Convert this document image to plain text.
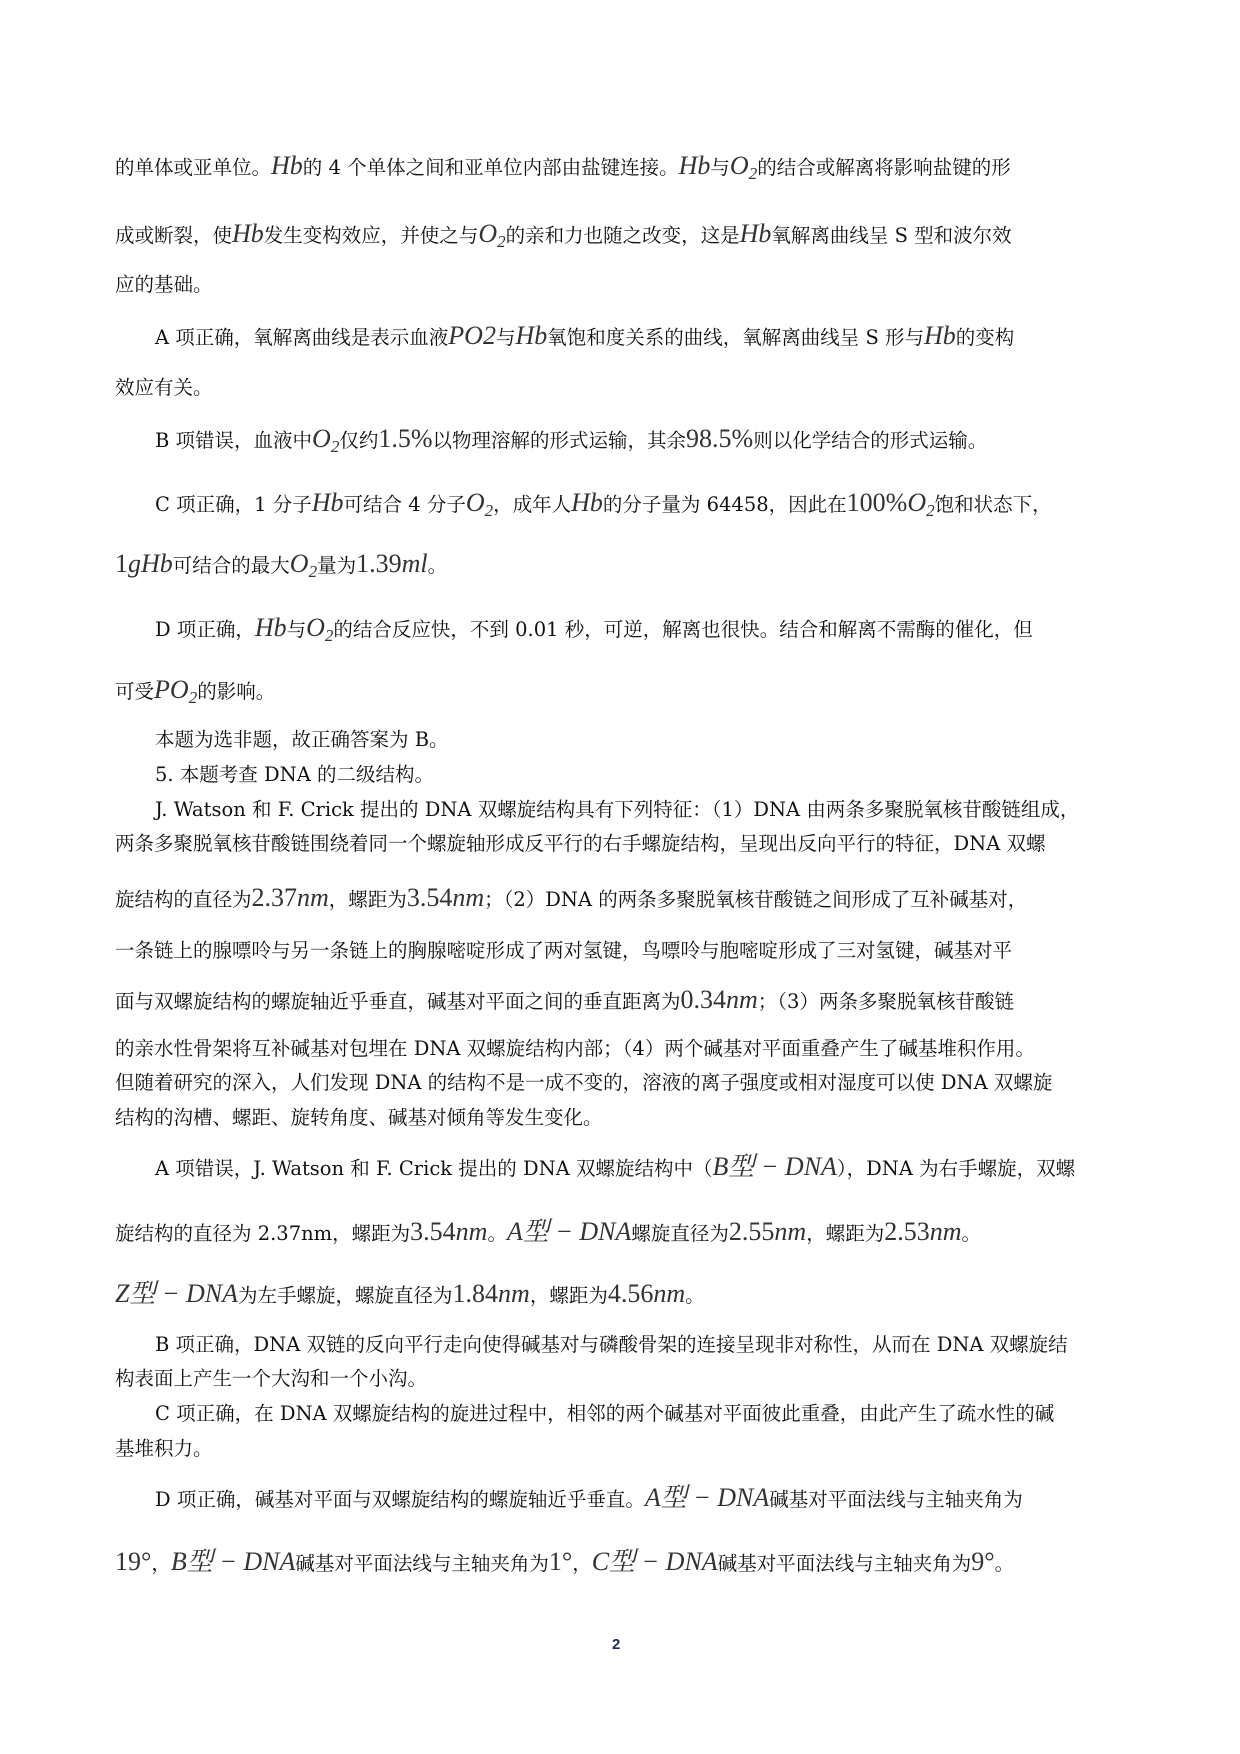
的单体或亚单位。Hb的 4 个单体之间和亚单位内部由盐键连接。Hb与$O_2$的结合或解离将影响盐键的形
成或断裂，使Hb发生变构效应，并使之与$O_2$的亲和力也随之改变，这是Hb氧解离曲线呈 S 型和波尔效
应的基础。
A 项正确，氧解离曲线是表示血液PO2与Hb氧饱和度关系的曲线，氧解离曲线呈 S 形与Hb的变构
效应有关。
B 项错误，血液中$O_2$仅约1.5%以物理溶解的形式运输，其余98.5%则以化学结合的形式运输。
C 项正确，1 分子Hb可结合 4 分子$O_2$，成年人Hb的分子量为 64458，因此在$100\%O_2$饱和状态下，
1gHb可结合的最大$O_2$量为1.39ml。
D 项正确，Hb与$O_2$的结合反应快，不到 0.01 秒，可逆，解离也很快。结合和解离不需酶的催化，但
可受$PO_2$的影响。
本题为选非题，故正确答案为 B。
5. 本题考查 DNA 的二级结构。
J. Watson 和 F. Crick 提出的 DNA 双螺旋结构具有下列特征：（1）DNA 由两条多聚脱氧核苷酸链组成，
两条多聚脱氧核苷酸链围绕着同一个螺旋轴形成反平行的右手螺旋结构，呈现出反向平行的特征，DNA 双螺
旋结构的直径为2.37nm，螺距为3.54nm；（2）DNA 的两条多聚脱氧核苷酸链之间形成了互补碱基对，
一条链上的腺嘌呤与另一条链上的胸腺嘧啶形成了两对氢键，鸟嘌呤与胞嘧啶形成了三对氢键，碱基对平
面与双螺旋结构的螺旋轴近乎垂直，碱基对平面之间的垂直距离为0.34nm；（3）两条多聚脱氧核苷酸链
的亲水性骨架将互补碱基对包埋在 DNA 双螺旋结构内部；（4）两个碱基对平面重叠产生了碱基堆积作用。
但随着研究的深入，人们发现 DNA 的结构不是一成不变的，溶液的离子强度或相对湿度可以使 DNA 双螺旋
结构的沟槽、螺距、旋转角度、碱基对倾角等发生变化。
A 项错误，J. Watson 和 F. Crick 提出的 DNA 双螺旋结构中（B型 − DNA），DNA 为右手螺旋，双螺
旋结构的直径为 2.37nm，螺距为3.54nm。A型 − DNA螺旋直径为2.55nm，螺距为2.53nm。
Z型 − DNA为左手螺旋，螺旋直径为1.84nm，螺距为4.56nm。
B 项正确，DNA 双链的反向平行走向使得碱基对与磷酸骨架的连接呈现非对称性，从而在 DNA 双螺旋结
构表面上产生一个大沟和一个小沟。
C 项正确，在 DNA 双螺旋结构的旋进过程中，相邻的两个碱基对平面彼此重叠，由此产生了疏水性的碱
基堆积力。
D 项正确，碱基对平面与双螺旋结构的螺旋轴近乎垂直。A型 − DNA碱基对平面法线与主轴夹角为
19°，B型 − DNA碱基对平面法线与主轴夹角为1°，C型 − DNA碱基对平面法线与主轴夹角为9°。
2
